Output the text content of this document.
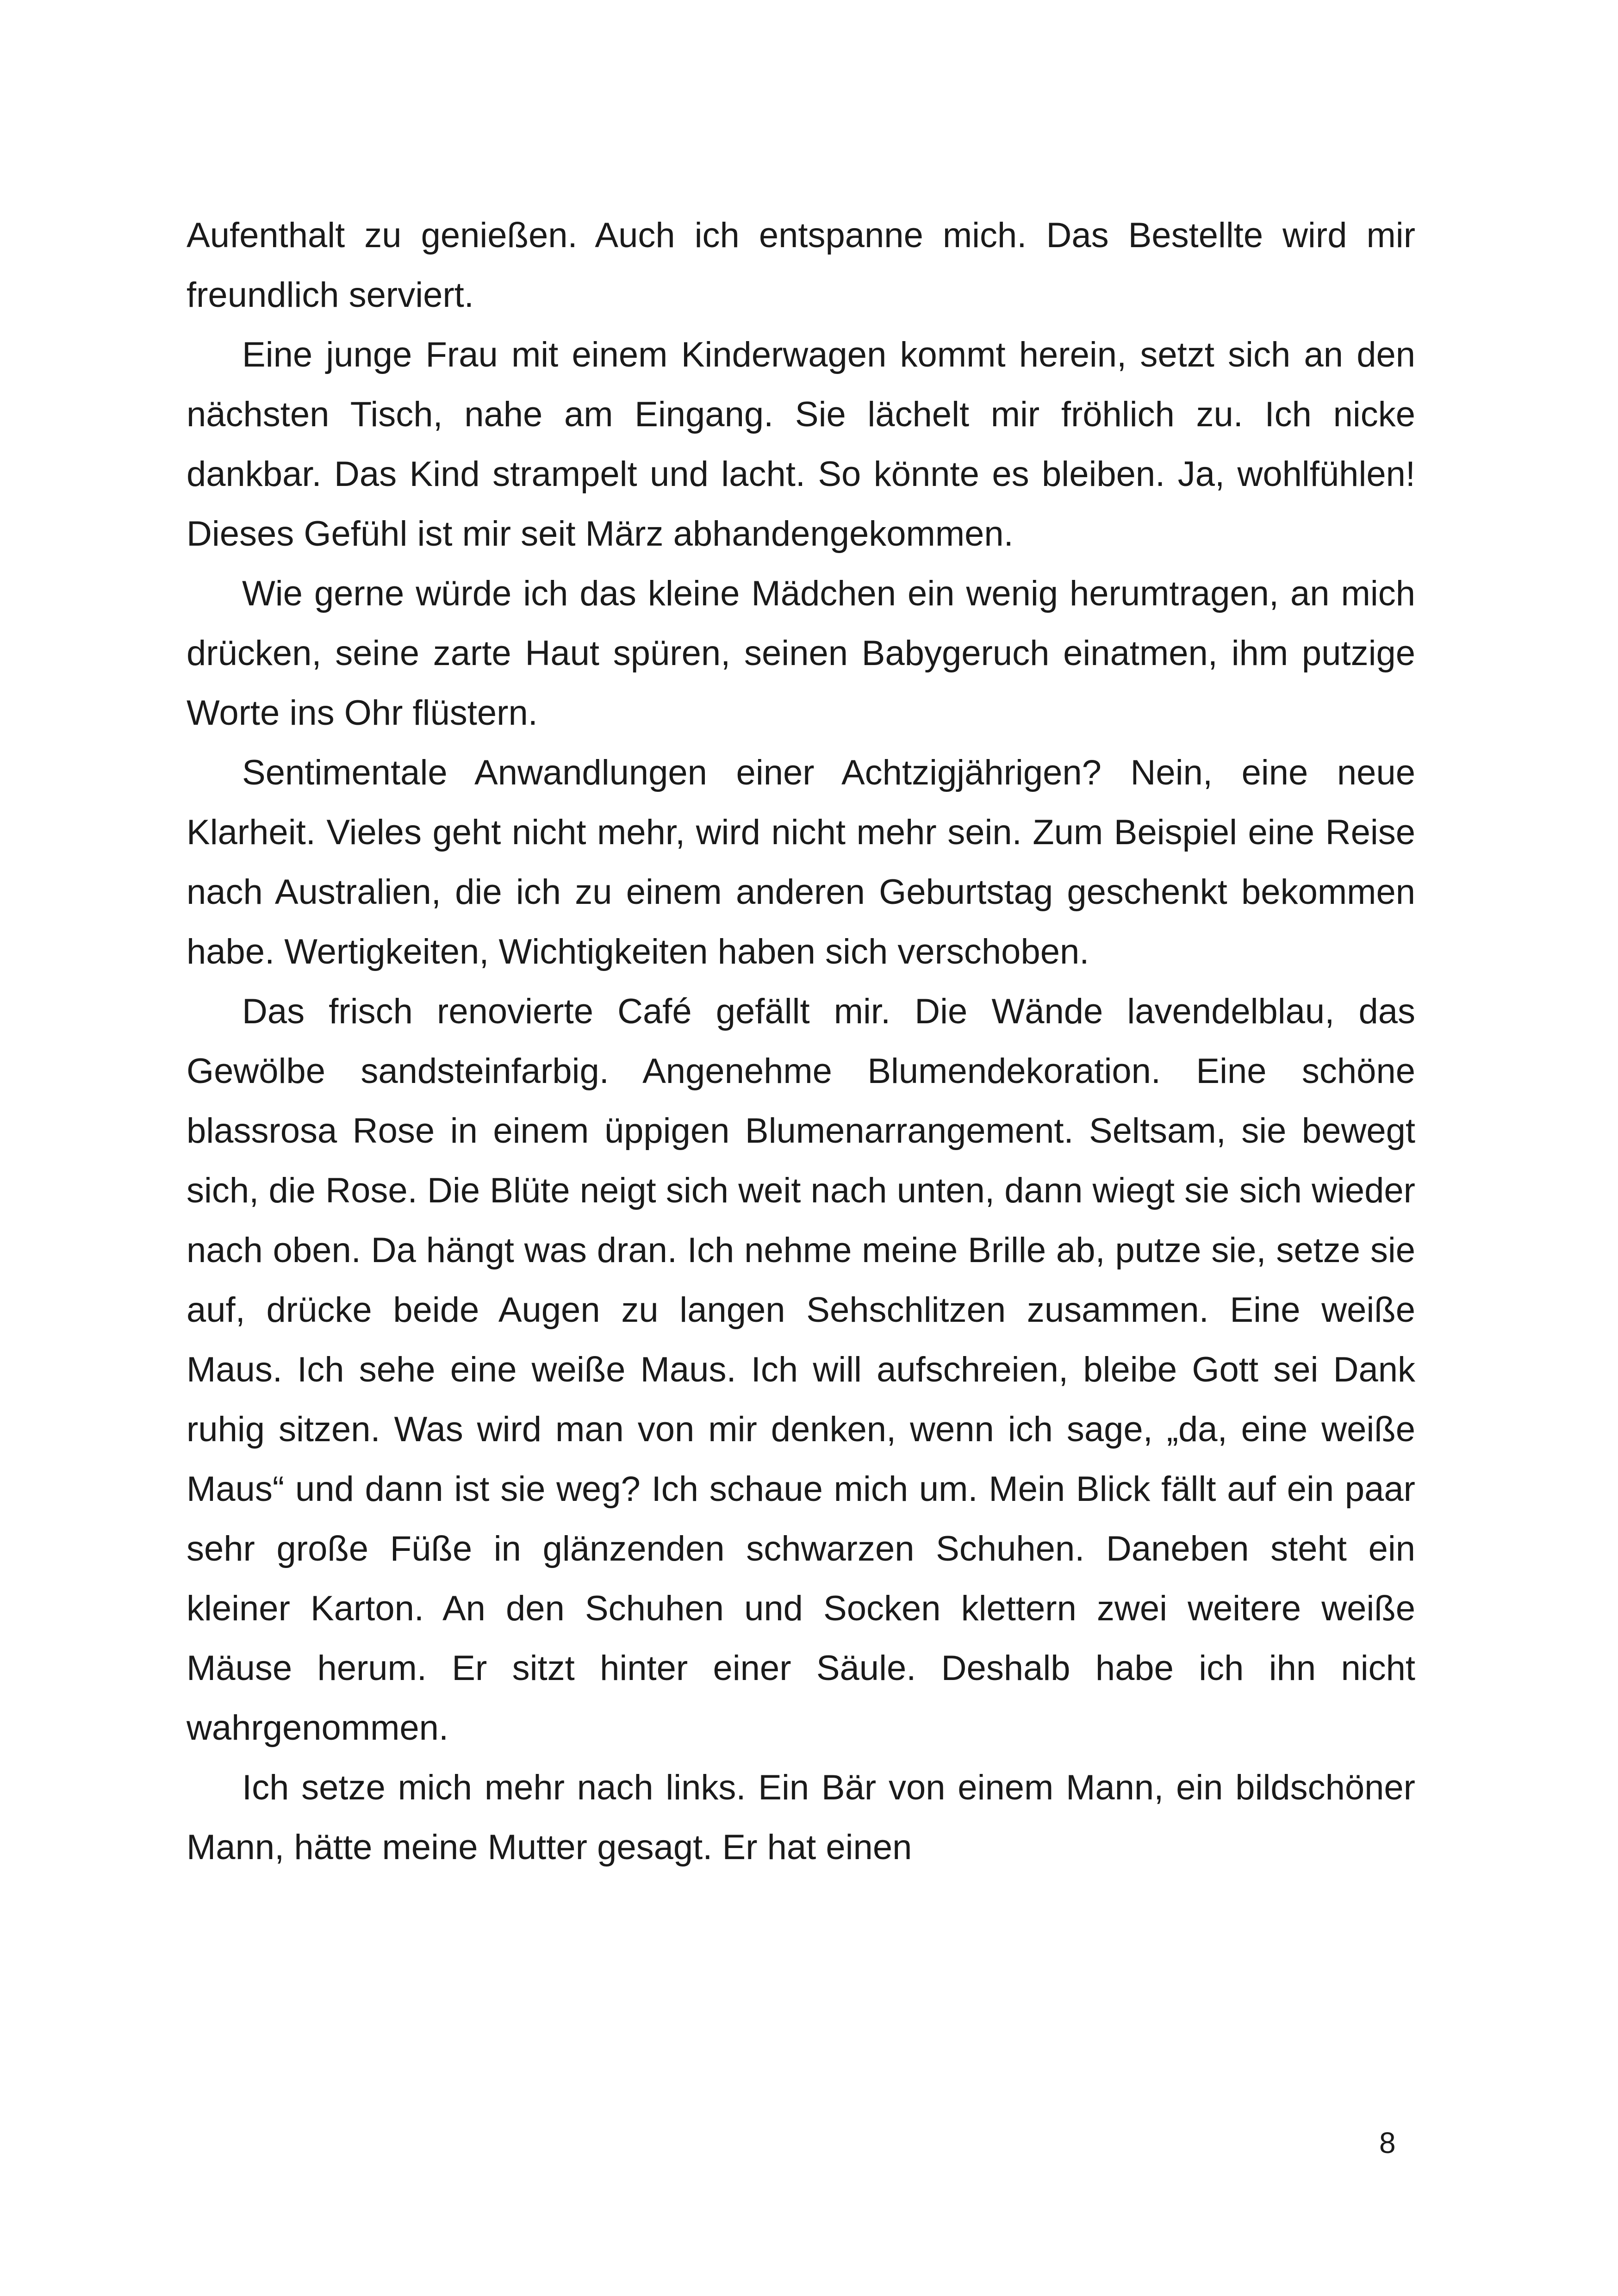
Aufenthalt zu genießen. Auch ich entspanne mich. Das Bestellte wird mir freundlich serviert.

Eine junge Frau mit einem Kinderwagen kommt herein, setzt sich an den nächsten Tisch, nahe am Eingang. Sie lächelt mir fröhlich zu. Ich nicke dankbar. Das Kind strampelt und lacht. So könnte es bleiben. Ja, wohlfühlen! Dieses Gefühl ist mir seit März abhandengekommen.

Wie gerne würde ich das kleine Mädchen ein wenig herumtragen, an mich drücken, seine zarte Haut spüren, seinen Babygeruch einatmen, ihm putzige Worte ins Ohr flüstern.

Sentimentale Anwandlungen einer Achtzigjährigen? Nein, eine neue Klarheit. Vieles geht nicht mehr, wird nicht mehr sein. Zum Beispiel eine Reise nach Australien, die ich zu einem anderen Geburtstag geschenkt bekommen habe. Wertigkeiten, Wichtigkeiten haben sich verschoben.

Das frisch renovierte Café gefällt mir. Die Wände lavendelblau, das Gewölbe sandsteinfarbig. Angenehme Blumendekoration. Eine schöne blassrosa Rose in einem üppigen Blumenarrangement. Seltsam, sie bewegt sich, die Rose. Die Blüte neigt sich weit nach unten, dann wiegt sie sich wieder nach oben. Da hängt was dran. Ich nehme meine Brille ab, putze sie, setze sie auf, drücke beide Augen zu langen Sehschlitzen zusammen. Eine weiße Maus. Ich sehe eine weiße Maus. Ich will aufschreien, bleibe Gott sei Dank ruhig sitzen. Was wird man von mir denken, wenn ich sage, „da, eine weiße Maus“ und dann ist sie weg? Ich schaue mich um. Mein Blick fällt auf ein paar sehr große Füße in glänzenden schwarzen Schuhen. Daneben steht ein kleiner Karton. An den Schuhen und Socken klettern zwei weitere weiße Mäuse herum. Er sitzt hinter einer Säule. Deshalb habe ich ihn nicht wahrgenommen.

Ich setze mich mehr nach links. Ein Bär von einem Mann, ein bildschöner Mann, hätte meine Mutter gesagt. Er hat einen

8
